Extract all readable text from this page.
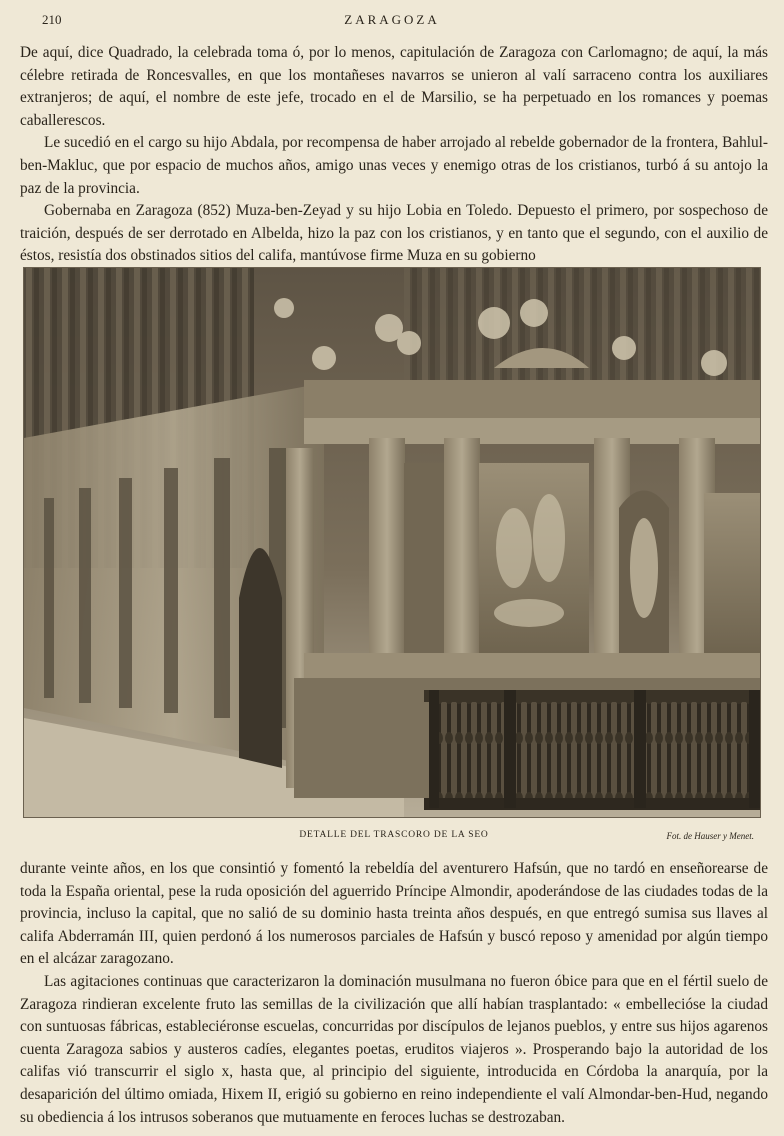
210	ZARAGOZA

De aquí, dice Quadrado, la celebrada toma ó, por lo menos, capitulación de Zaragoza con Carlomagno; de aquí, la más célebre retirada de Roncesvalles, en que los montañeses navarros se unieron al valí sarraceno contra los auxiliares extranjeros; de aquí, el nombre de este jefe, trocado en el de Marsilio, se ha perpetuado en los romances y poemas caballerescos.

Le sucedió en el cargo su hijo Abdala, por recompensa de haber arrojado al rebelde gobernador de la frontera, Bahlul-ben-Makluc, que por espacio de muchos años, amigo unas veces y enemigo otras de los cristianos, turbó á su antojo la paz de la provincia.

Gobernaba en Zaragoza (852) Muza-ben-Zeyad y su hijo Lobia en Toledo. Depuesto el primero, por sospechoso de traición, después de ser derrotado en Albelda, hizo la paz con los cristianos, y en tanto que el segundo, con el auxilio de éstos, resistía dos obstinados sitios del califa, mantúvose firme Muza en su gobierno

DETALLE DEL TRASCORO DE LA SEO	Fot. de Hauser y Menet.

durante veinte años, en los que consintió y fomentó la rebeldía del aventurero Hafsún, que no tardó en enseñorearse de toda la España oriental, pese la ruda oposición del aguerrido Príncipe Almondir, apoderándose de las ciudades todas de la provincia, incluso la capital, que no salió de su dominio hasta treinta años después, en que entregó sumisa sus llaves al califa Abderramán III, quien perdonó á los numerosos parciales de Hafsún y buscó reposo y amenidad por algún tiempo en el alcázar zaragozano.

Las agitaciones continuas que caracterizaron la dominación musulmana no fueron óbice para que en el fértil suelo de Zaragoza rindieran excelente fruto las semillas de la civilización que allí habían trasplantado: « embellecióse la ciudad con suntuosas fábricas, estableciéronse escuelas, concurridas por discípulos de lejanos pueblos, y entre sus hijos agarenos cuenta Zaragoza sabios y austeros cadíes, elegantes poetas, eruditos viajeros ». Prosperando bajo la autoridad de los califas vió transcurrir el siglo x, hasta que, al principio del siguiente, introducida en Córdoba la anarquía, por la desaparición del último omiada, Hixem II, erigió su gobierno en reino independiente el valí Almondar-ben-Hud, negando su obediencia á los intrusos soberanos que mutuamente en feroces luchas se destrozaban.
